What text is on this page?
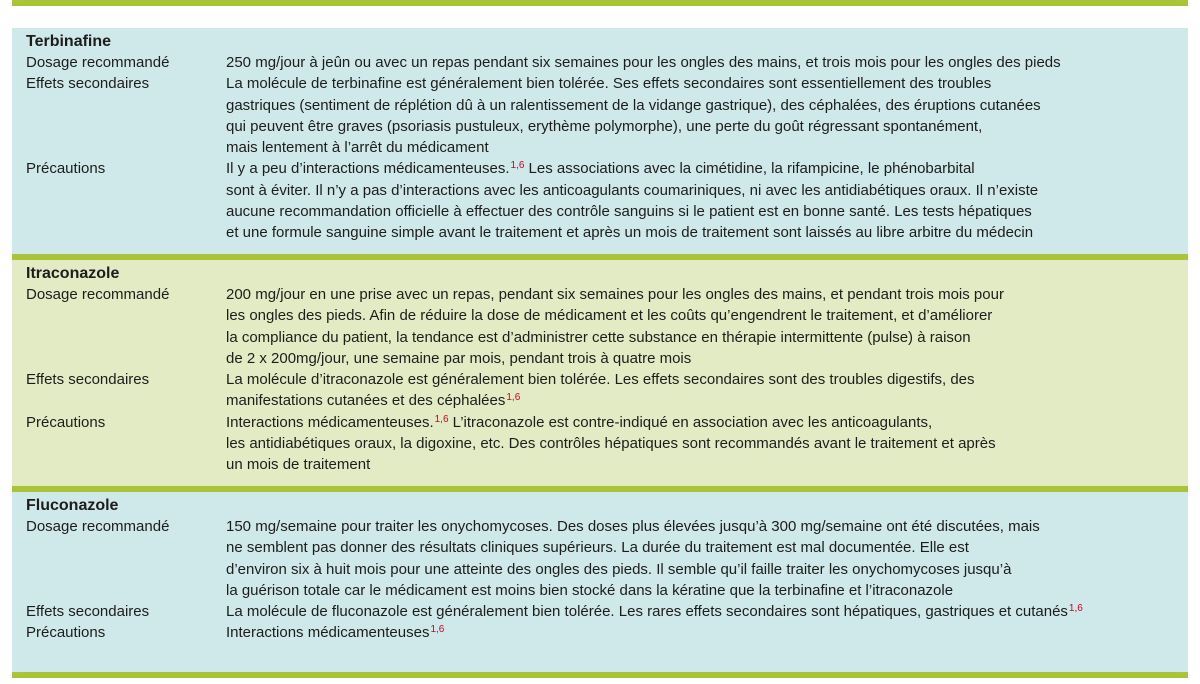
Terbinafine
Dosage recommandé	250 mg/jour à jeûn ou avec un repas pendant six semaines pour les ongles des mains, et trois mois pour les ongles des pieds
Effets secondaires	La molécule de terbinafine est généralement bien tolérée. Ses effets secondaires sont essentiellement des troubles
gastriques (sentiment de réplétion dû à un ralentissement de la vidange gastrique), des céphalées, des éruptions cutanées
qui peuvent être graves (psoriasis pustuleux, erythème polymorphe), une perte du goût régressant spontanément,
mais lentement à l’arrêt du médicament
Précautions	Il y a peu d’interactions médicamenteuses.$^{1,6}$ Les associations avec la cimétidine, la rifampicine, le phénobarbital
sont à éviter. Il n’y a pas d’interactions avec les anticoagulants coumariniques, ni avec les antidiabétiques oraux. Il n’existe
aucune recommandation officielle à effectuer des contrôle sanguins si le patient est en bonne santé. Les tests hépatiques
et une formule sanguine simple avant le traitement et après un mois de traitement sont laissés au libre arbitre du médecin
Itraconazole
Dosage recommandé	200 mg/jour en une prise avec un repas, pendant six semaines pour les ongles des mains, et pendant trois mois pour
les ongles des pieds. Afin de réduire la dose de médicament et les coûts qu’engendrent le traitement, et d’améliorer
la compliance du patient, la tendance est d’administrer cette substance en thérapie intermittente (pulse) à raison
de 2 x 200mg/jour, une semaine par mois, pendant trois à quatre mois
Effets secondaires	La molécule d’itraconazole est généralement bien tolérée. Les effets secondaires sont des troubles digestifs, des
manifestations cutanées et des céphalées$^{1,6}$
Précautions	Interactions médicamenteuses.$^{1,6}$ L’itraconazole est contre-indiqué en association avec les anticoagulants,
les antidiabétiques oraux, la digoxine, etc. Des contrôles hépatiques sont recommandés avant le traitement et après
un mois de traitement
Fluconazole
Dosage recommandé	150 mg/semaine pour traiter les onychomycoses. Des doses plus élevées jusqu’à 300 mg/semaine ont été discutées, mais
ne semblent pas donner des résultats cliniques supérieurs. La durée du traitement est mal documentée. Elle est
d’environ six à huit mois pour une atteinte des ongles des pieds. Il semble qu’il faille traiter les onychomycoses jusqu’à
la guérison totale car le médicament est moins bien stocké dans la kératine que la terbinafine et l’itraconazole
Effets secondaires	La molécule de fluconazole est généralement bien tolérée. Les rares effets secondaires sont hépatiques, gastriques et cutanés$^{1,6}$
Précautions	Interactions médicamenteuses$^{1,6}$
